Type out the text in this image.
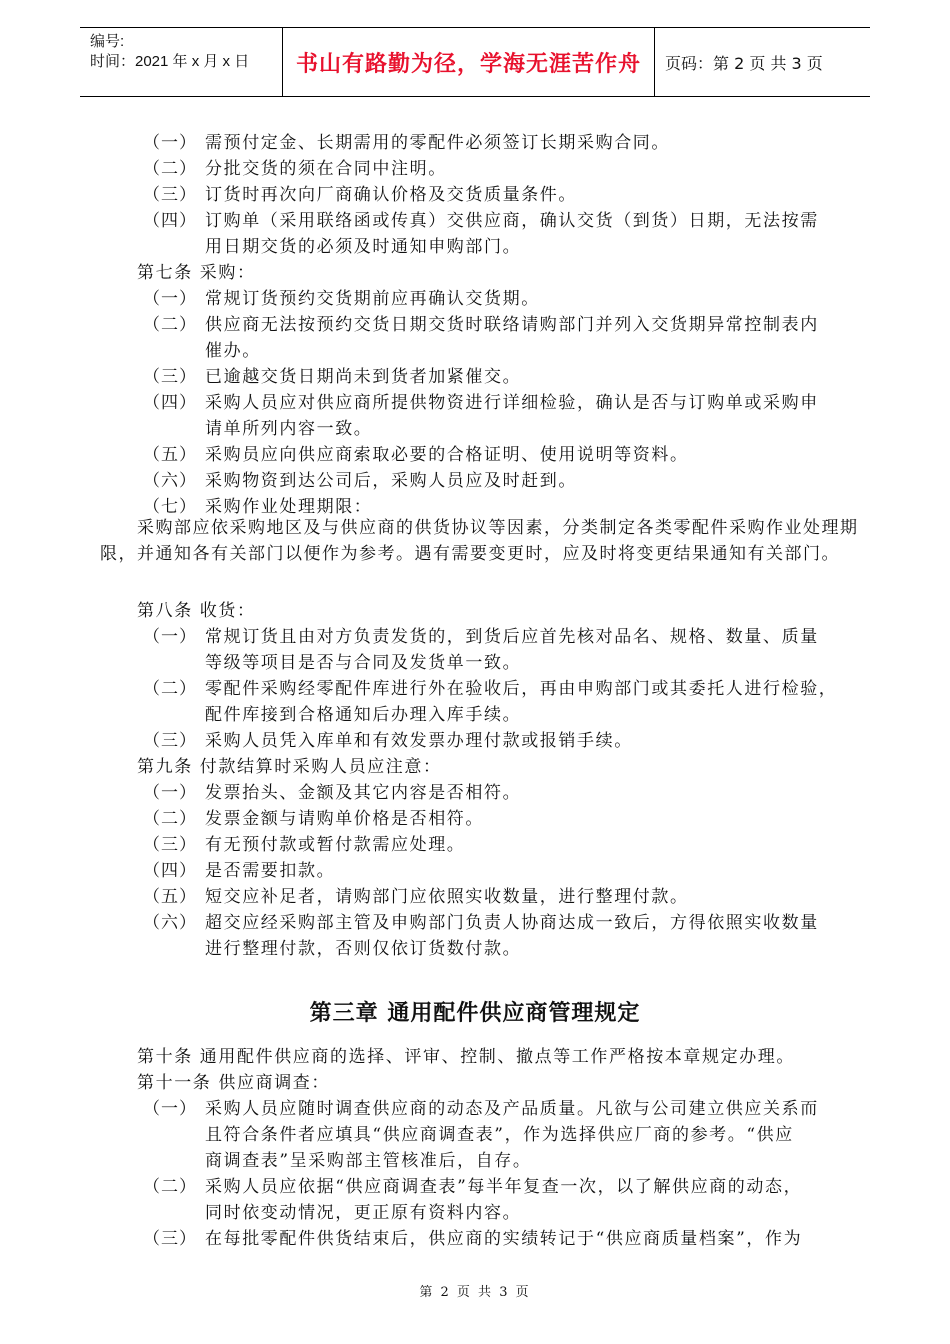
编号:
时间：2021 年 x 月 x 日	书山有路勤为径，学海无涯苦作舟	页码：第 2 页 共 3 页
（一） 需预付定金、长期需用的零配件必须签订长期采购合同。
（二） 分批交货的须在合同中注明。
（三） 订货时再次向厂商确认价格及交货质量条件。
（四） 订购单（采用联络函或传真）交供应商，确认交货（到货）日期，无法按需
用日期交货的必须及时通知申购部门。
第七条 采购：
（一） 常规订货预约交货期前应再确认交货期。
（二） 供应商无法按预约交货日期交货时联络请购部门并列入交货期异常控制表内
催办。
（三） 已逾越交货日期尚未到货者加紧催交。
（四） 采购人员应对供应商所提供物资进行详细检验，确认是否与订购单或采购申
请单所列内容一致。
（五） 采购员应向供应商索取必要的合格证明、使用说明等资料。
（六） 采购物资到达公司后，采购人员应及时赶到。
（七） 采购作业处理期限：
采购部应依采购地区及与供应商的供货协议等因素，分类制定各类零配件采购作业处理期限，并通知各有关部门以便作为参考。遇有需要变更时，应及时将变更结果通知有关部门。
第八条 收货：
（一） 常规订货且由对方负责发货的，到货后应首先核对品名、规格、数量、质量
等级等项目是否与合同及发货单一致。
（二） 零配件采购经零配件库进行外在验收后，再由申购部门或其委托人进行检验，
配件库接到合格通知后办理入库手续。
（三） 采购人员凭入库单和有效发票办理付款或报销手续。
第九条 付款结算时采购人员应注意：
（一） 发票抬头、金额及其它内容是否相符。
（二） 发票金额与请购单价格是否相符。
（三） 有无预付款或暂付款需应处理。
（四） 是否需要扣款。
（五） 短交应补足者，请购部门应依照实收数量，进行整理付款。
（六） 超交应经采购部主管及申购部门负责人协商达成一致后，方得依照实收数量
进行整理付款，否则仅依订货数付款。
第三章 通用配件供应商管理规定
第十条 通用配件供应商的选择、评审、控制、撤点等工作严格按本章规定办理。
第十一条 供应商调查：
（一） 采购人员应随时调查供应商的动态及产品质量。凡欲与公司建立供应关系而
且符合条件者应填具“供应商调查表”，作为选择供应厂商的参考。“供应
商调查表”呈采购部主管核准后，自存。
（二） 采购人员应依据“供应商调查表”每半年复查一次，以了解供应商的动态，
同时依变动情况，更正原有资料内容。
（三） 在每批零配件供货结束后，供应商的实绩转记于“供应商质量档案”，作为
第 2 页 共 3 页
